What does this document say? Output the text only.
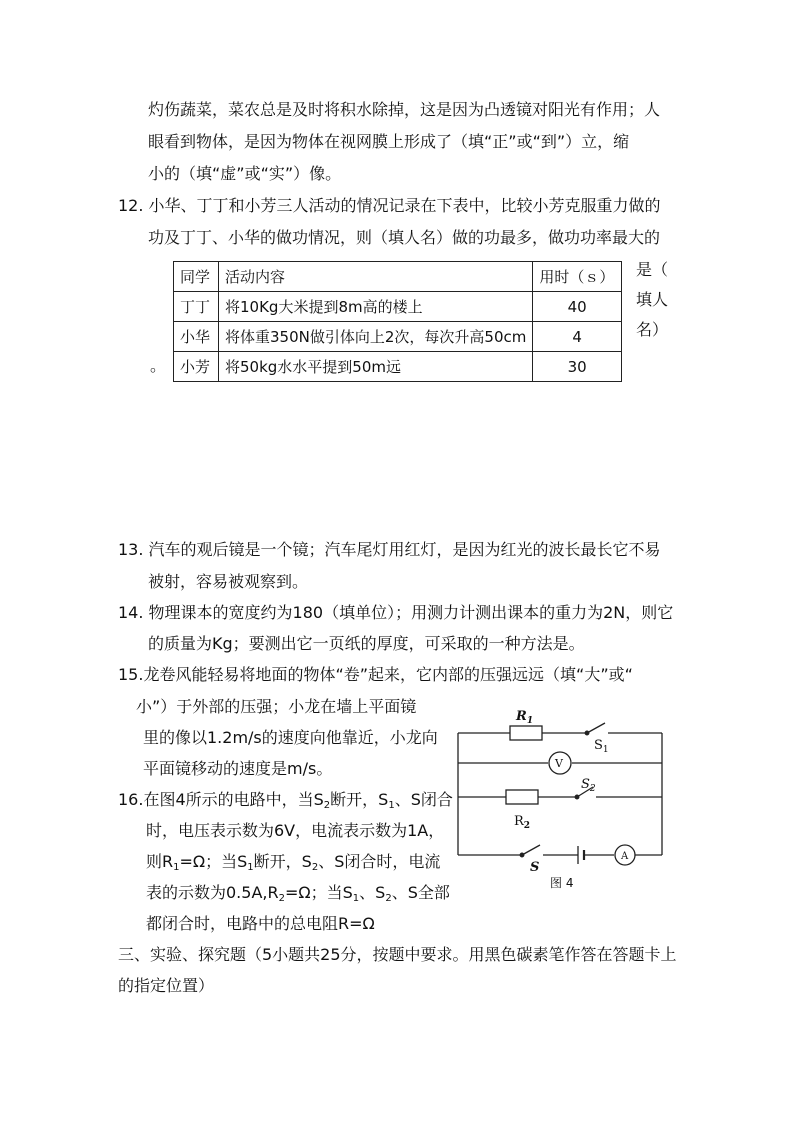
灼伤蔬菜，菜农总是及时将积水除掉，这是因为凸透镜对阳光有作用；人
眼看到物体，是因为物体在视网膜上形成了（填“正”或“到”）立，缩
小的（填“虚”或“实”）像。
12. 小华、丁丁和小芳三人活动的情况记录在下表中，比较小芳克服重力做的
功及丁丁、小华的做功情况，则（填人名）做的功最多，做功功率最大的
是（
填人
名）
。
同学	活动内容	用时（ｓ）
丁丁	将10Kg大米提到8m高的楼上	40
小华	将体重350N做引体向上2次，每次升高50cm	4
小芳	将50kg水水平提到50m远	30
13. 汽车的观后镜是一个镜；汽车尾灯用红灯，是因为红光的波长最长它不易
被射，容易被观察到。
14. 物理课本的宽度约为180（填单位）；用测力计测出课本的重力为2N，则它
的质量为Kg；要测出它一页纸的厚度，可采取的一种方法是。
15.龙卷风能轻易将地面的物体“卷”起来，它内部的压强远远（填“大”或“
小”）于外部的压强；小龙在墙上平面镜
里的像以1.2m/s的速度向他靠近，小龙向
平面镜移动的速度是m/s。
16.在图4所示的电路中，当$S_2$断开，$S_1$、S闭合
时，电压表示数为6V，电流表示数为1A，
则$R_1=\Omega$；当$S_1$断开，$S_2$、S闭合时，电流
表的示数为$0.5A,R_2=\Omega$；当$S_1$、$S_2$、S全部
都闭合时，电路中的总电阻R=Ω
三、实验、探究题（5小题共25分，按题中要求。用黑色碳素笔作答在答题卡上
的指定位置）
$R_1$
$S_1$
V
$S_2$
$R_2$
S
A
图 4
